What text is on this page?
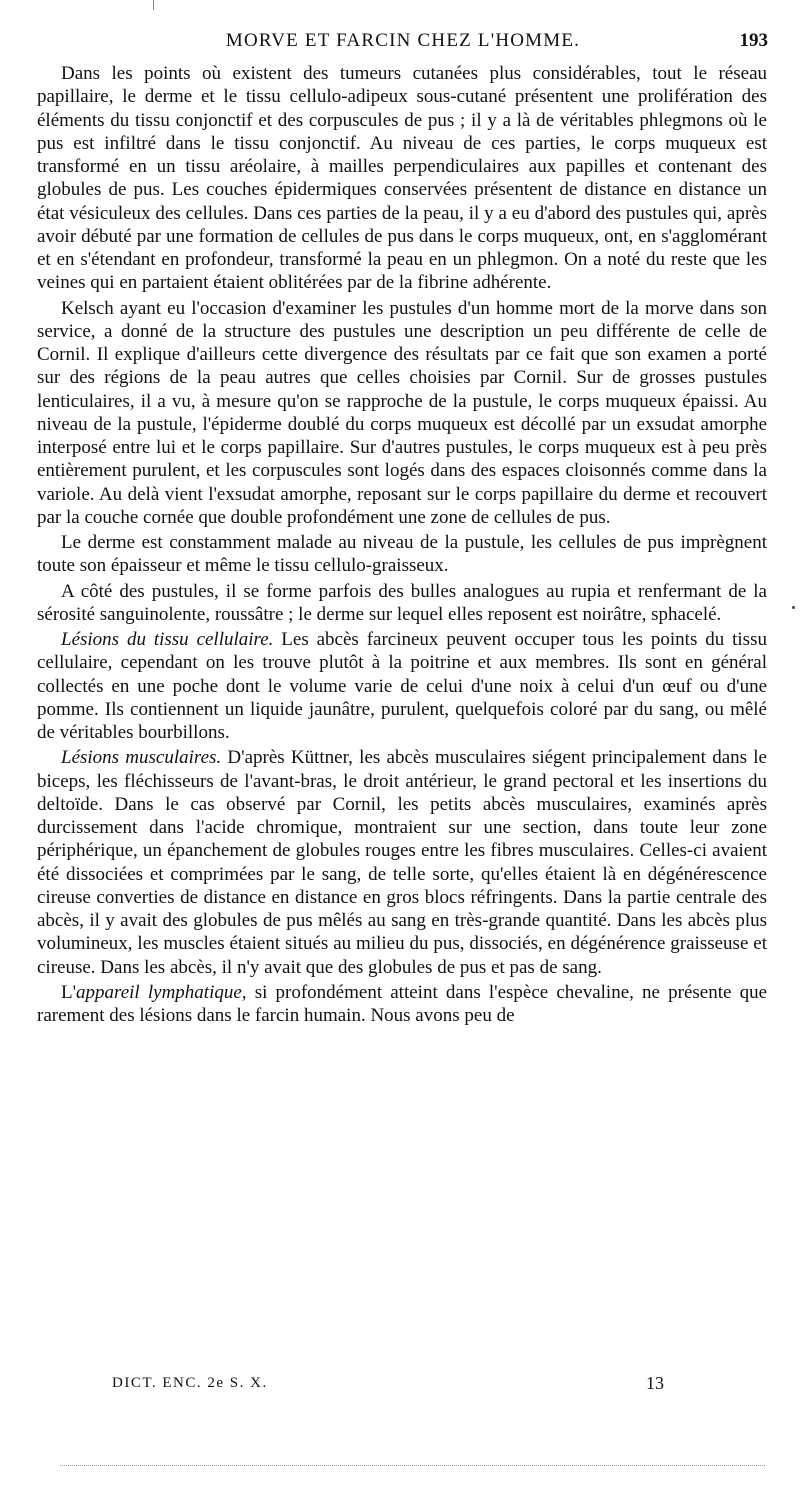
MORVE ET FARCIN CHEZ L'HOMME.	193

Dans les points où existent des tumeurs cutanées plus considérables, tout le réseau papillaire, le derme et le tissu cellulo-adipeux sous-cutané présentent une prolifération des éléments du tissu conjonctif et des corpuscules de pus ; il y a là de véritables phlegmons où le pus est infiltré dans le tissu conjonctif. Au niveau de ces parties, le corps muqueux est transformé en un tissu aréolaire, à mailles perpendiculaires aux papilles et contenant des globules de pus. Les couches épidermiques conservées présentent de distance en distance un état vésiculeux des cellules. Dans ces parties de la peau, il y a eu d'abord des pustules qui, après avoir débuté par une formation de cellules de pus dans le corps muqueux, ont, en s'agglomérant et en s'étendant en profondeur, transformé la peau en un phlegmon. On a noté du reste que les veines qui en partaient étaient oblitérées par de la fibrine adhérente.

Kelsch ayant eu l'occasion d'examiner les pustules d'un homme mort de la morve dans son service, a donné de la structure des pustules une description un peu différente de celle de Cornil. Il explique d'ailleurs cette divergence des résultats par ce fait que son examen a porté sur des régions de la peau autres que celles choisies par Cornil. Sur de grosses pustules lenticulaires, il a vu, à mesure qu'on se rapproche de la pustule, le corps muqueux épaissi. Au niveau de la pustule, l'épiderme doublé du corps muqueux est décollé par un exsudat amorphe interposé entre lui et le corps papillaire. Sur d'autres pustules, le corps muqueux est à peu près entièrement purulent, et les corpuscules sont logés dans des espaces cloisonnés comme dans la variole. Au delà vient l'exsudat amorphe, reposant sur le corps papillaire du derme et recouvert par la couche cornée que double profondément une zone de cellules de pus.

Le derme est constamment malade au niveau de la pustule, les cellules de pus imprègnent toute son épaisseur et même le tissu cellulo-graisseux.

A côté des pustules, il se forme parfois des bulles analogues au rupia et renfermant de la sérosité sanguinolente, roussâtre ; le derme sur lequel elles reposent est noirâtre, sphacelé.

Lésions du tissu cellulaire. Les abcès farcineux peuvent occuper tous les points du tissu cellulaire, cependant on les trouve plutôt à la poitrine et aux membres. Ils sont en général collectés en une poche dont le volume varie de celui d'une noix à celui d'un œuf ou d'une pomme. Ils contiennent un liquide jaunâtre, purulent, quelquefois coloré par du sang, ou mêlé de véritables bourbillons.

Lésions musculaires. D'après Küttner, les abcès musculaires siégent principalement dans le biceps, les fléchisseurs de l'avant-bras, le droit antérieur, le grand pectoral et les insertions du deltoïde. Dans le cas observé par Cornil, les petits abcès musculaires, examinés après durcissement dans l'acide chromique, montraient sur une section, dans toute leur zone périphérique, un épanchement de globules rouges entre les fibres musculaires. Celles-ci avaient été dissociées et comprimées par le sang, de telle sorte, qu'elles étaient là en dégénérescence cireuse converties de distance en distance en gros blocs réfringents. Dans la partie centrale des abcès, il y avait des globules de pus mêlés au sang en très-grande quantité. Dans les abcès plus volumineux, les muscles étaient situés au milieu du pus, dissociés, en dégénérence graisseuse et cireuse. Dans les abcès, il n'y avait que des globules de pus et pas de sang.

L'appareil lymphatique, si profondément atteint dans l'espèce chevaline, ne présente que rarement des lésions dans le farcin humain. Nous avons peu de

DICT. ENC. 2e S. X.	13
